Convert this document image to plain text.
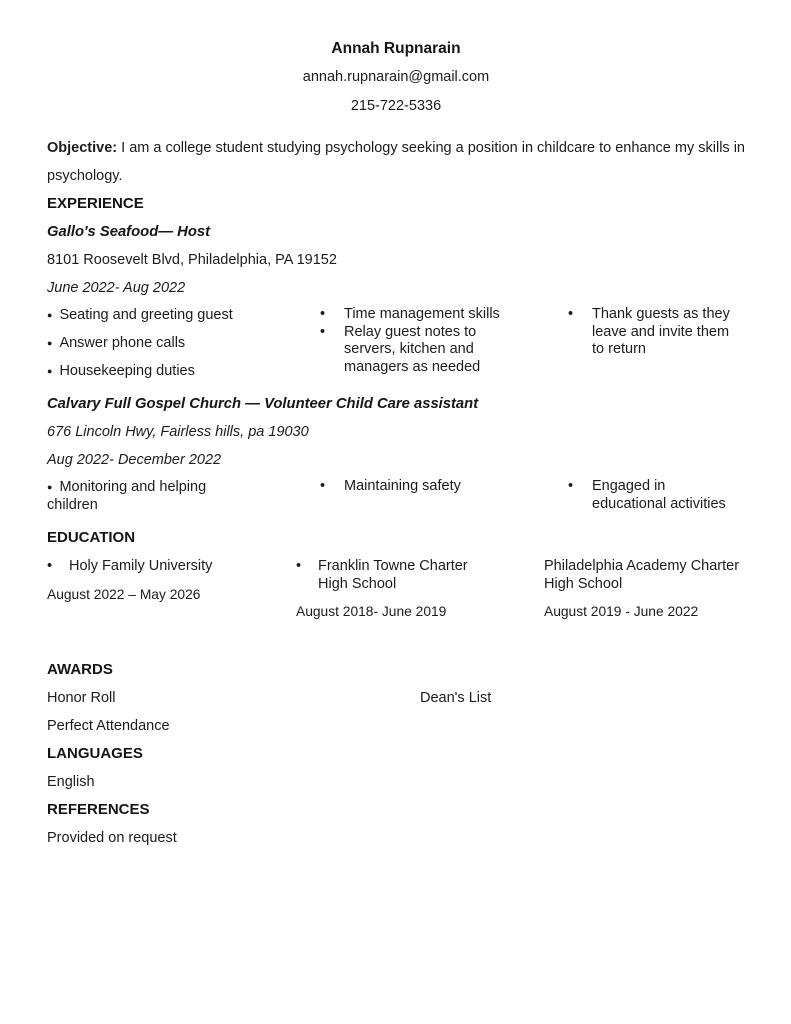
Annah Rupnarain
annah.rupnarain@gmail.com
215-722-5336
Objective: I am a college student studying psychology seeking a position in childcare to enhance my skills in psychology.
EXPERIENCE
Gallo's Seafood— Host
8101 Roosevelt Blvd, Philadelphia, PA 19152
June 2022- Aug 2022
● Seating and greeting guest
● Answer phone calls
● Housekeeping duties
•	Time management skills
•	Relay guest notes to servers, kitchen and managers as needed
•	Thank guests as they leave and invite them to return
Calvary Full Gospel Church — Volunteer Child Care assistant
676 Lincoln Hwy, Fairless hills, pa 19030
Aug 2022- December 2022
● Monitoring and helping children
•	Maintaining safety	•	Engaged in educational activities
EDUCATION
•	Holy Family University
August 2022 – May 2026
•	Franklin Towne Charter High School
August 2018- June 2019
Philadelphia Academy Charter High School
August 2019 - June 2022
AWARDS
Honor Roll	Dean's List
Perfect Attendance
LANGUAGES
English
REFERENCES
Provided on request
